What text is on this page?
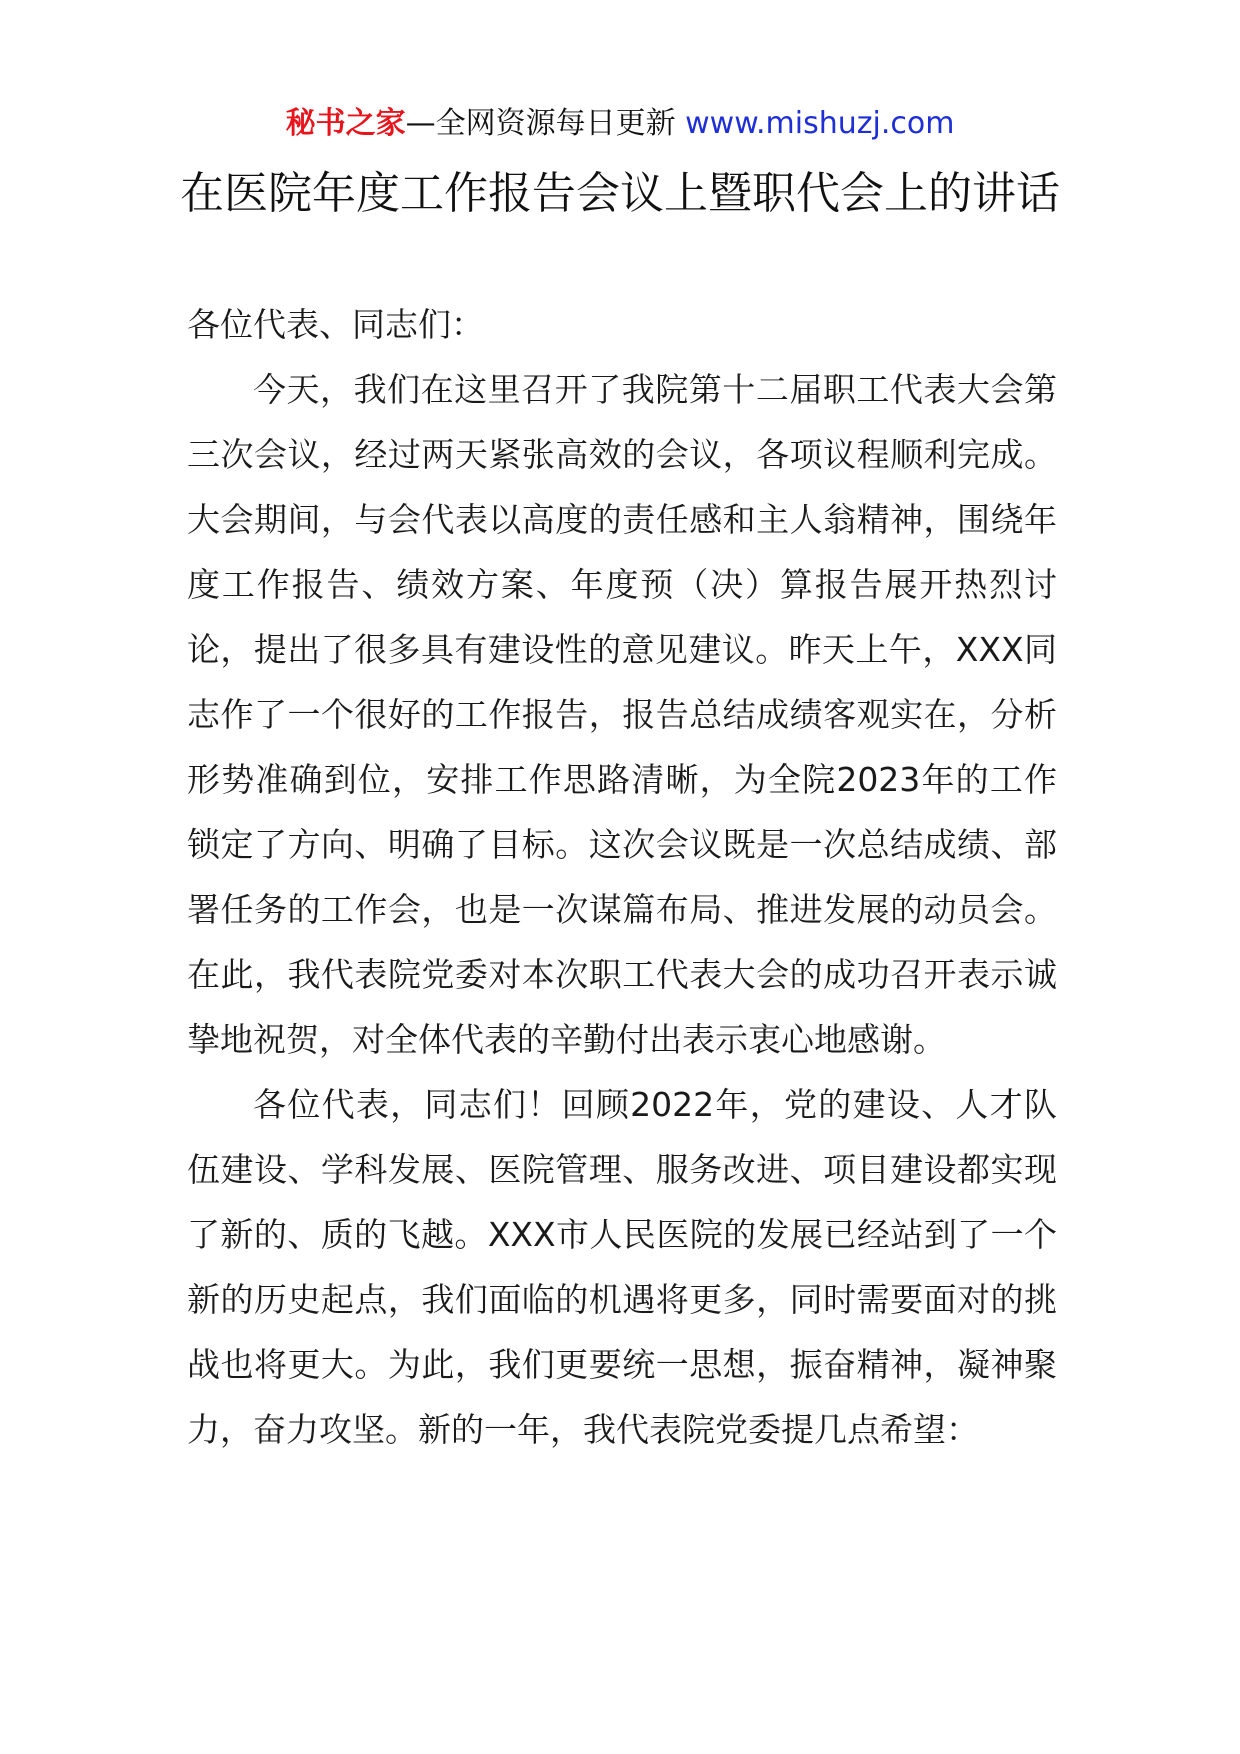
秘书之家—全网资源每日更新 www.mishuzj.com
在医院年度工作报告会议上暨职代会上的讲话

各位代表、同志们：

今天，我们在这里召开了我院第十二届职工代表大会第三次会议，经过两天紧张高效的会议，各项议程顺利完成。大会期间，与会代表以高度的责任感和主人翁精神，围绕年度工作报告、绩效方案、年度预（决）算报告展开热烈讨论，提出了很多具有建设性的意见建议。昨天上午，XXX同志作了一个很好的工作报告，报告总结成绩客观实在，分析形势准确到位，安排工作思路清晰，为全院2023年的工作锁定了方向、明确了目标。这次会议既是一次总结成绩、部署任务的工作会，也是一次谋篇布局、推进发展的动员会。在此，我代表院党委对本次职工代表大会的成功召开表示诚挚地祝贺，对全体代表的辛勤付出表示衷心地感谢。

各位代表，同志们！回顾2022年，党的建设、人才队伍建设、学科发展、医院管理、服务改进、项目建设都实现了新的、质的飞越。XXX市人民医院的发展已经站到了一个新的历史起点，我们面临的机遇将更多，同时需要面对的挑战也将更大。为此，我们更要统一思想，振奋精神，凝神聚力，奋力攻坚。新的一年，我代表院党委提几点希望：
